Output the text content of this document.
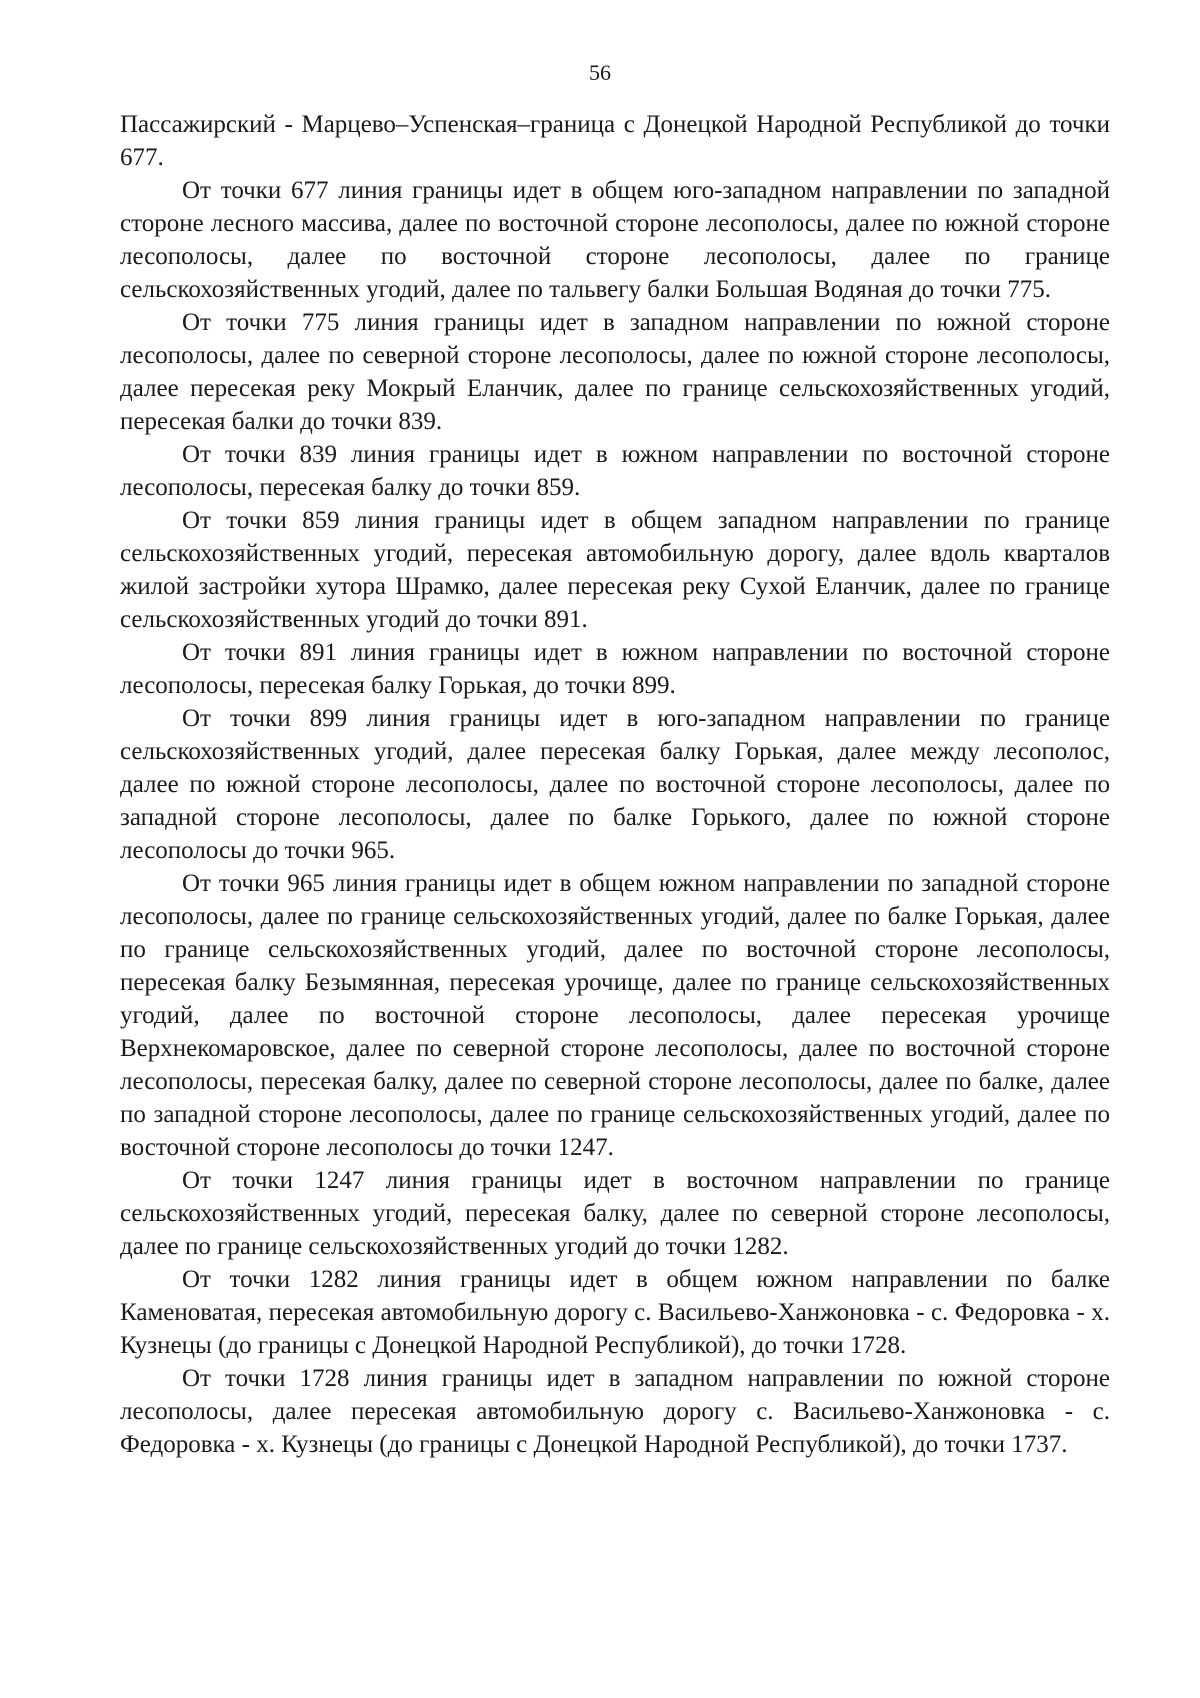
56

Пассажирский - Марцево–Успенская–граница с Донецкой Народной Республикой до точки 677.

От точки 677 линия границы идет в общем юго-западном направлении по западной стороне лесного массива, далее по восточной стороне лесополосы, далее по южной стороне лесополосы, далее по восточной стороне лесополосы, далее по границе сельскохозяйственных угодий, далее по тальвегу балки Большая Водяная до точки 775.

От точки 775 линия границы идет в западном направлении по южной стороне лесополосы, далее по северной стороне лесополосы, далее по южной стороне лесополосы, далее пересекая реку Мокрый Еланчик, далее по границе сельскохозяйственных угодий, пересекая балки до точки 839.

От точки 839 линия границы идет в южном направлении по восточной стороне лесополосы, пересекая балку до точки 859.

От точки 859 линия границы идет в общем западном направлении по границе сельскохозяйственных угодий, пересекая автомобильную дорогу, далее вдоль кварталов жилой застройки хутора Шрамко, далее пересекая реку Сухой Еланчик, далее по границе сельскохозяйственных угодий до точки 891.

От точки 891 линия границы идет в южном направлении по восточной стороне лесополосы, пересекая балку Горькая, до точки 899.

От точки 899 линия границы идет в юго-западном направлении по границе сельскохозяйственных угодий, далее пересекая балку Горькая, далее между лесополос, далее по южной стороне лесополосы, далее по восточной стороне лесополосы, далее по западной стороне лесополосы, далее по балке Горького, далее по южной стороне лесополосы до точки 965.

От точки 965 линия границы идет в общем южном направлении по западной стороне лесополосы, далее по границе сельскохозяйственных угодий, далее по балке Горькая, далее по границе сельскохозяйственных угодий, далее по восточной стороне лесополосы, пересекая балку Безымянная, пересекая урочище, далее по границе сельскохозяйственных угодий, далее по восточной стороне лесополосы, далее пересекая урочище Верхнекомаровское, далее по северной стороне лесополосы, далее по восточной стороне лесополосы, пересекая балку, далее по северной стороне лесополосы, далее по балке, далее по западной стороне лесополосы, далее по границе сельскохозяйственных угодий, далее по восточной стороне лесополосы до точки 1247.

От точки 1247 линия границы идет в восточном направлении по границе сельскохозяйственных угодий, пересекая балку, далее по северной стороне лесополосы, далее по границе сельскохозяйственных угодий до точки 1282.

От точки 1282 линия границы идет в общем южном направлении по балке Каменоватая, пересекая автомобильную дорогу с. Васильево-Ханжоновка - с. Федоровка - х. Кузнецы (до границы с Донецкой Народной Республикой), до точки 1728.

От точки 1728 линия границы идет в западном направлении по южной стороне лесополосы, далее пересекая автомобильную дорогу с. Васильево-Ханжоновка - с. Федоровка - х. Кузнецы (до границы с Донецкой Народной Республикой), до точки 1737.
